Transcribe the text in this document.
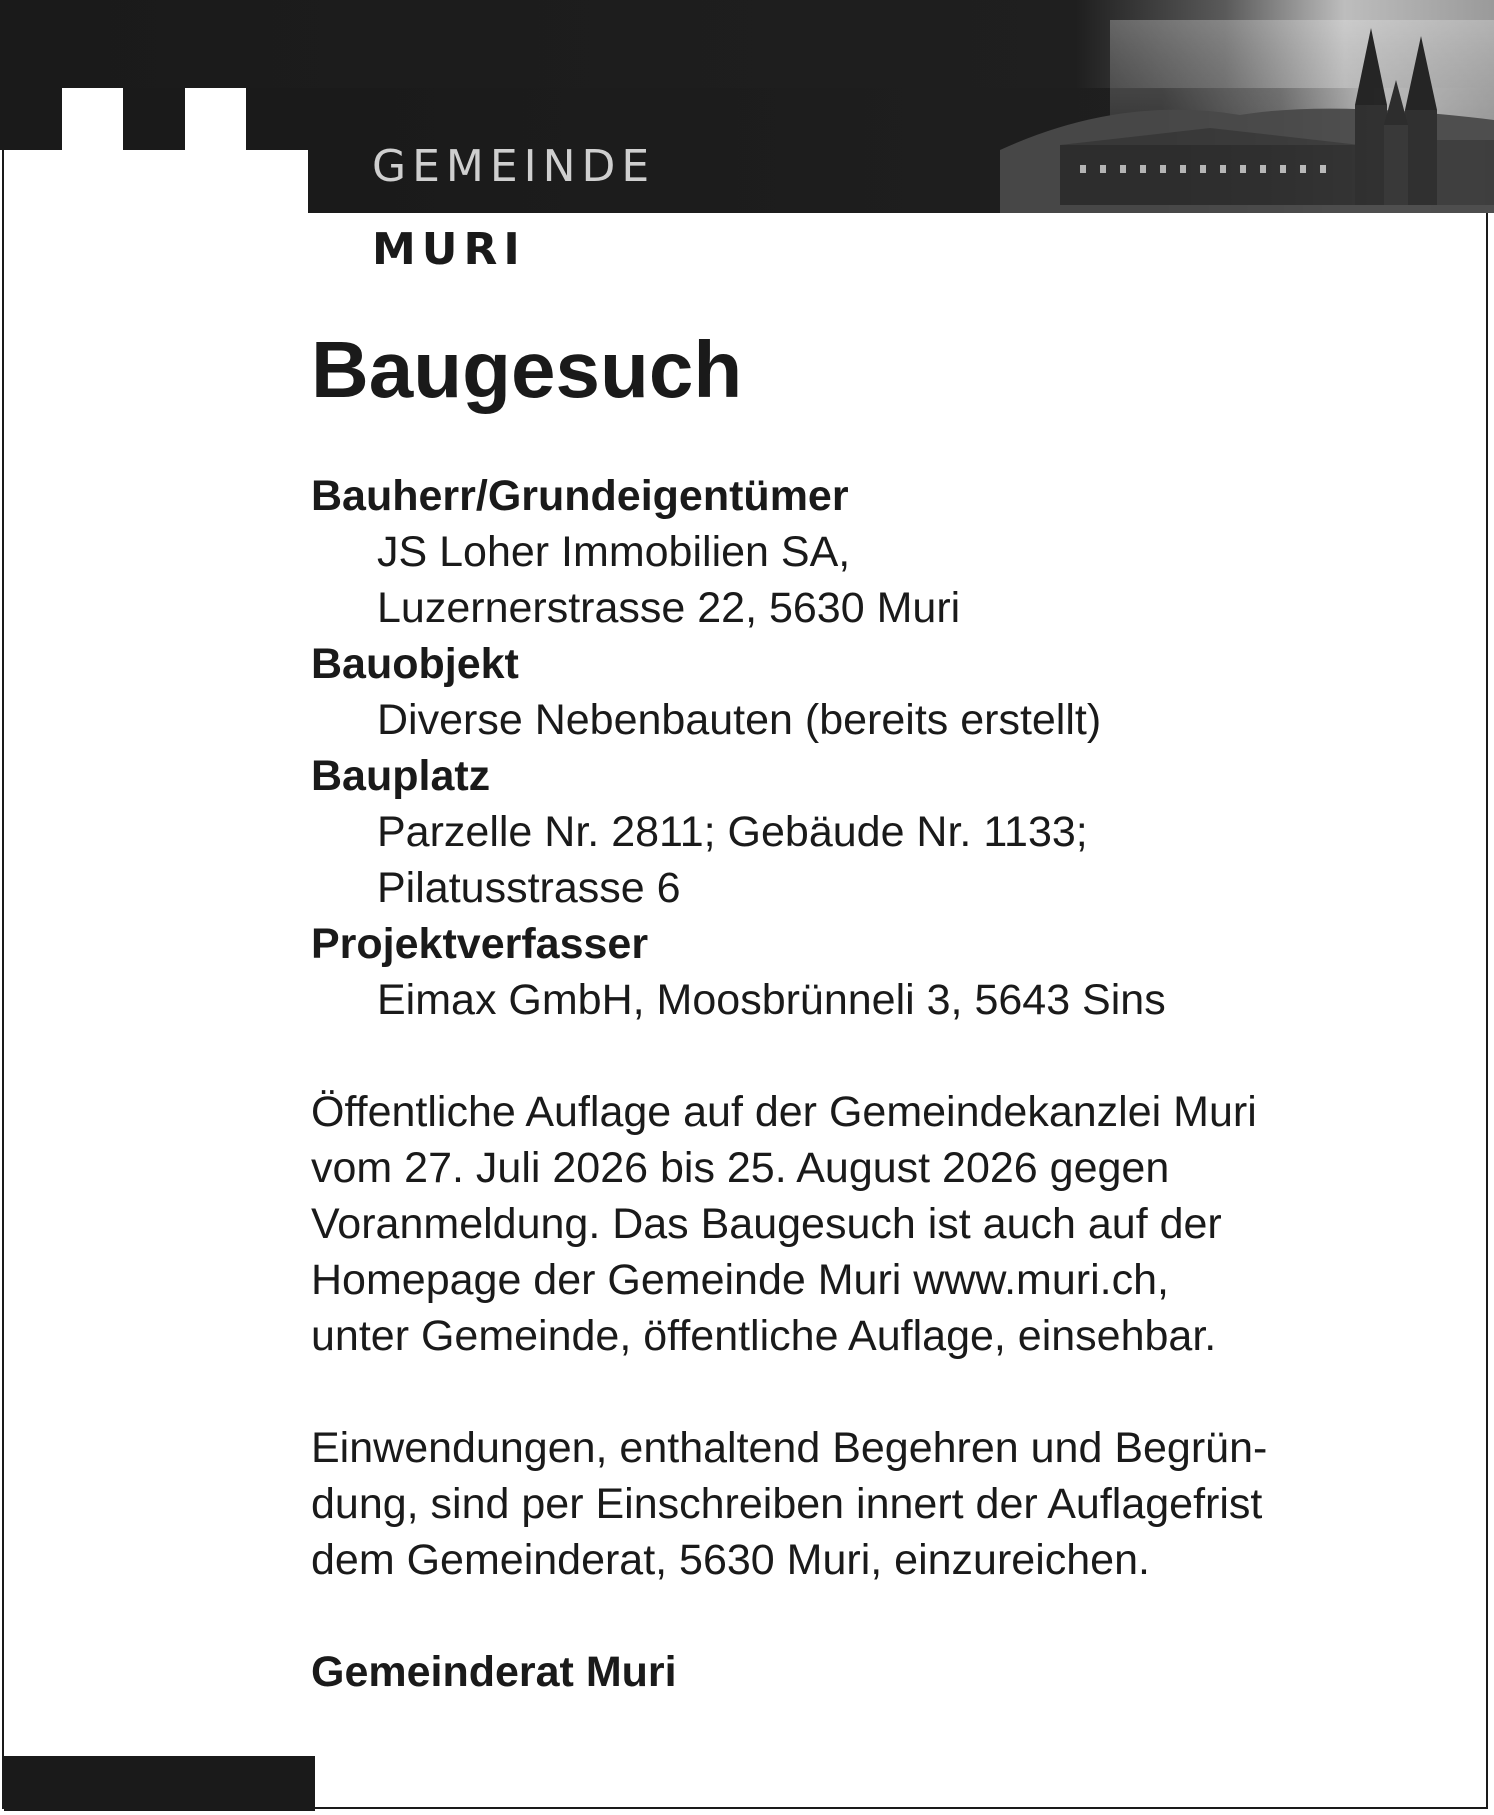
GEMEINDE
MURI
Baugesuch

Bauherr/Grundeigentümer

JS Loher Immobilien SA,

Luzernerstrasse 22, 5630 Muri

Bauobjekt

Diverse Nebenbauten (bereits erstellt)

Bauplatz

Parzelle Nr. 2811; Gebäude Nr. 1133;

Pilatusstrasse 6

Projektverfasser

Eimax GmbH, Moosbrünneli 3, 5643 Sins

Öffentliche Auflage auf der Gemeindekanzlei Muri

vom 27. Juli 2026 bis 25. August 2026 gegen

Voranmeldung. Das Baugesuch ist auch auf der

Homepage der Gemeinde Muri www.muri.ch,

unter Gemeinde, öffentliche Auflage, einsehbar.

Einwendungen, enthaltend Begehren und Begrün-

dung, sind per Einschreiben innert der Auflagefrist

dem Gemeinderat, 5630 Muri, einzureichen.

Gemeinderat Muri
